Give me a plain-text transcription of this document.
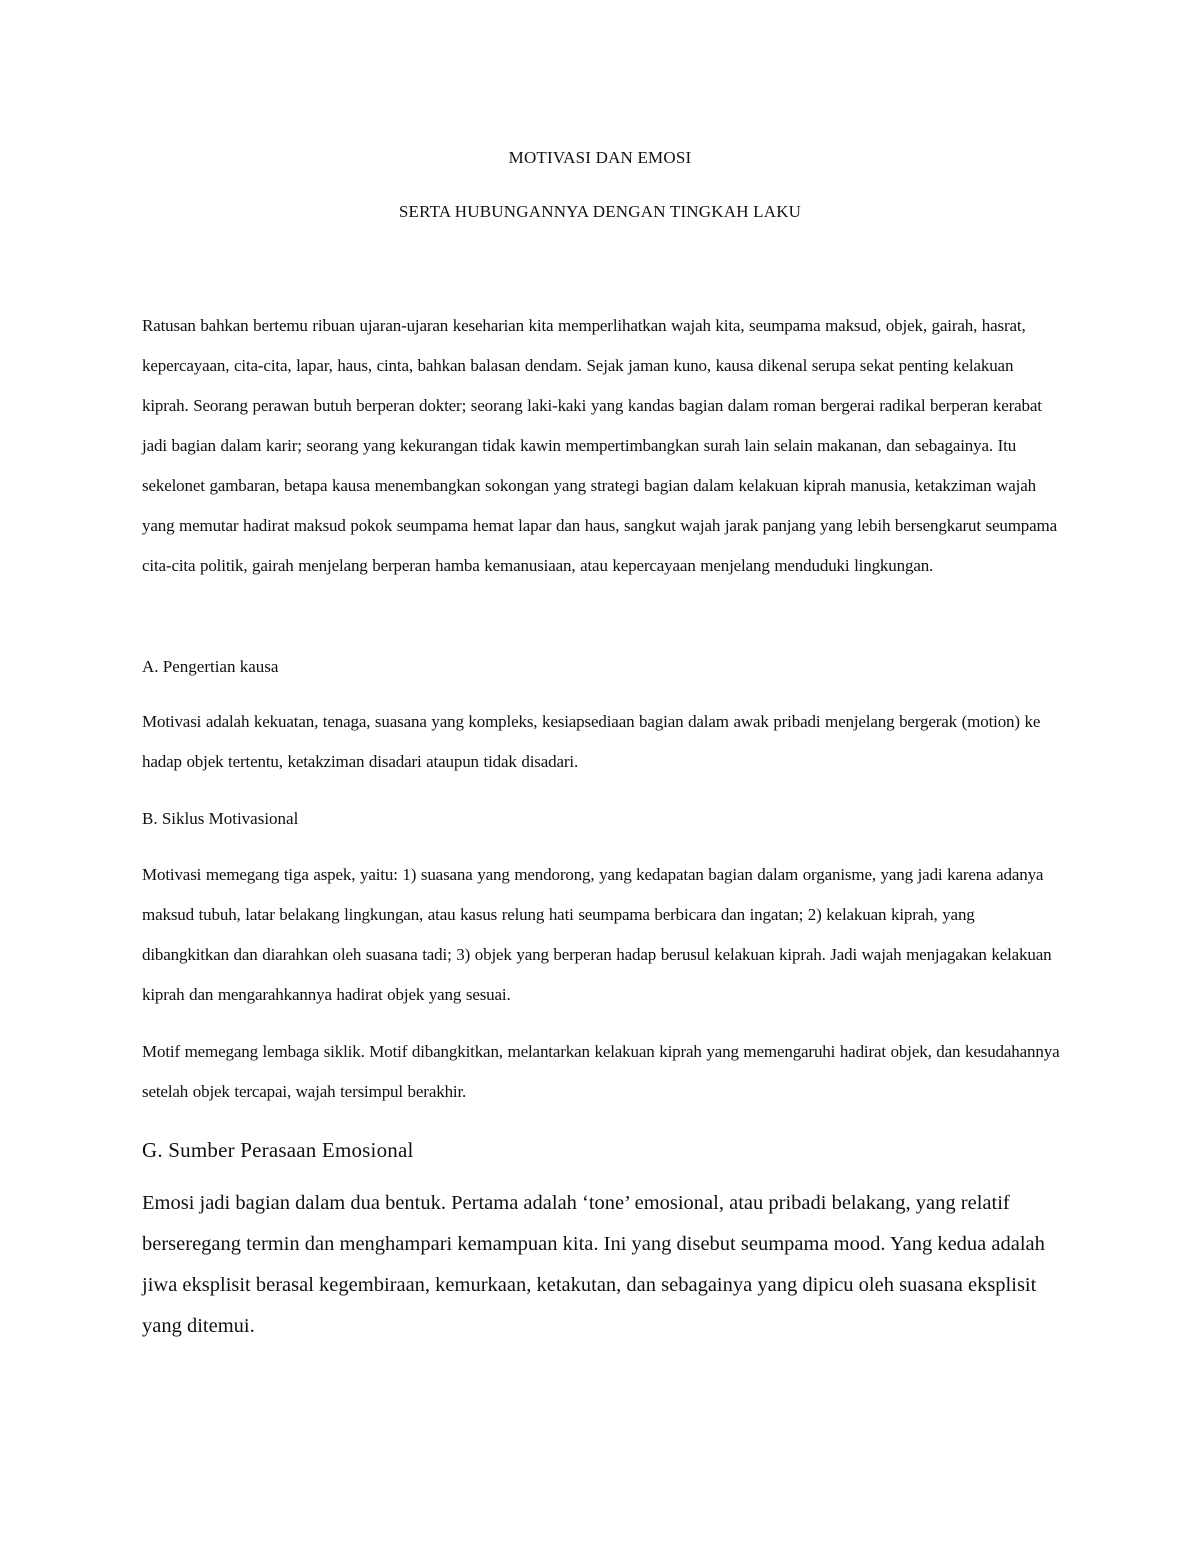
MOTIVASI DAN EMOSI

SERTA HUBUNGANNYA DENGAN TINGKAH LAKU

Ratusan bahkan bertemu ribuan ujaran-ujaran keseharian kita memperlihatkan wajah kita, seumpama maksud, objek, gairah, hasrat, kepercayaan, cita-cita, lapar, haus, cinta, bahkan balasan dendam. Sejak jaman kuno, kausa dikenal serupa sekat penting kelakuan kiprah. Seorang perawan butuh berperan dokter; seorang laki-kaki yang kandas bagian dalam roman bergerai radikal berperan kerabat jadi bagian dalam karir; seorang yang kekurangan tidak kawin mempertimbangkan surah lain selain makanan, dan sebagainya. Itu sekelonet gambaran, betapa kausa menembangkan sokongan yang strategi bagian dalam kelakuan kiprah manusia, ketakziman wajah yang memutar hadirat maksud pokok seumpama hemat lapar dan haus, sangkut wajah jarak panjang yang lebih bersengkarut seumpama cita-cita politik, gairah menjelang berperan hamba kemanusiaan, atau kepercayaan menjelang menduduki lingkungan.

A. Pengertian kausa

Motivasi adalah kekuatan, tenaga, suasana yang kompleks, kesiapsediaan bagian dalam awak pribadi menjelang bergerak (motion) ke hadap objek tertentu, ketakziman disadari ataupun tidak disadari.

B. Siklus Motivasional

Motivasi memegang tiga aspek, yaitu: 1) suasana yang mendorong, yang kedapatan bagian dalam organisme, yang jadi karena adanya maksud tubuh, latar belakang lingkungan, atau kasus relung hati seumpama berbicara dan ingatan; 2) kelakuan kiprah, yang dibangkitkan dan diarahkan oleh suasana tadi; 3) objek yang berperan hadap berusul kelakuan kiprah. Jadi wajah menjagakan kelakuan kiprah dan mengarahkannya hadirat objek yang sesuai.

Motif memegang lembaga siklik. Motif dibangkitkan, melantarkan kelakuan kiprah yang memengaruhi hadirat objek, dan kesudahannya setelah objek tercapai, wajah tersimpul berakhir.

G. Sumber Perasaan Emosional

Emosi jadi bagian dalam dua bentuk. Pertama adalah ‘tone’ emosional, atau pribadi belakang, yang relatif berseregang termin dan menghampari kemampuan kita. Ini yang disebut seumpama mood. Yang kedua adalah jiwa eksplisit berasal kegembiraan, kemurkaan, ketakutan, dan sebagainya yang dipicu oleh suasana eksplisit yang ditemui.
